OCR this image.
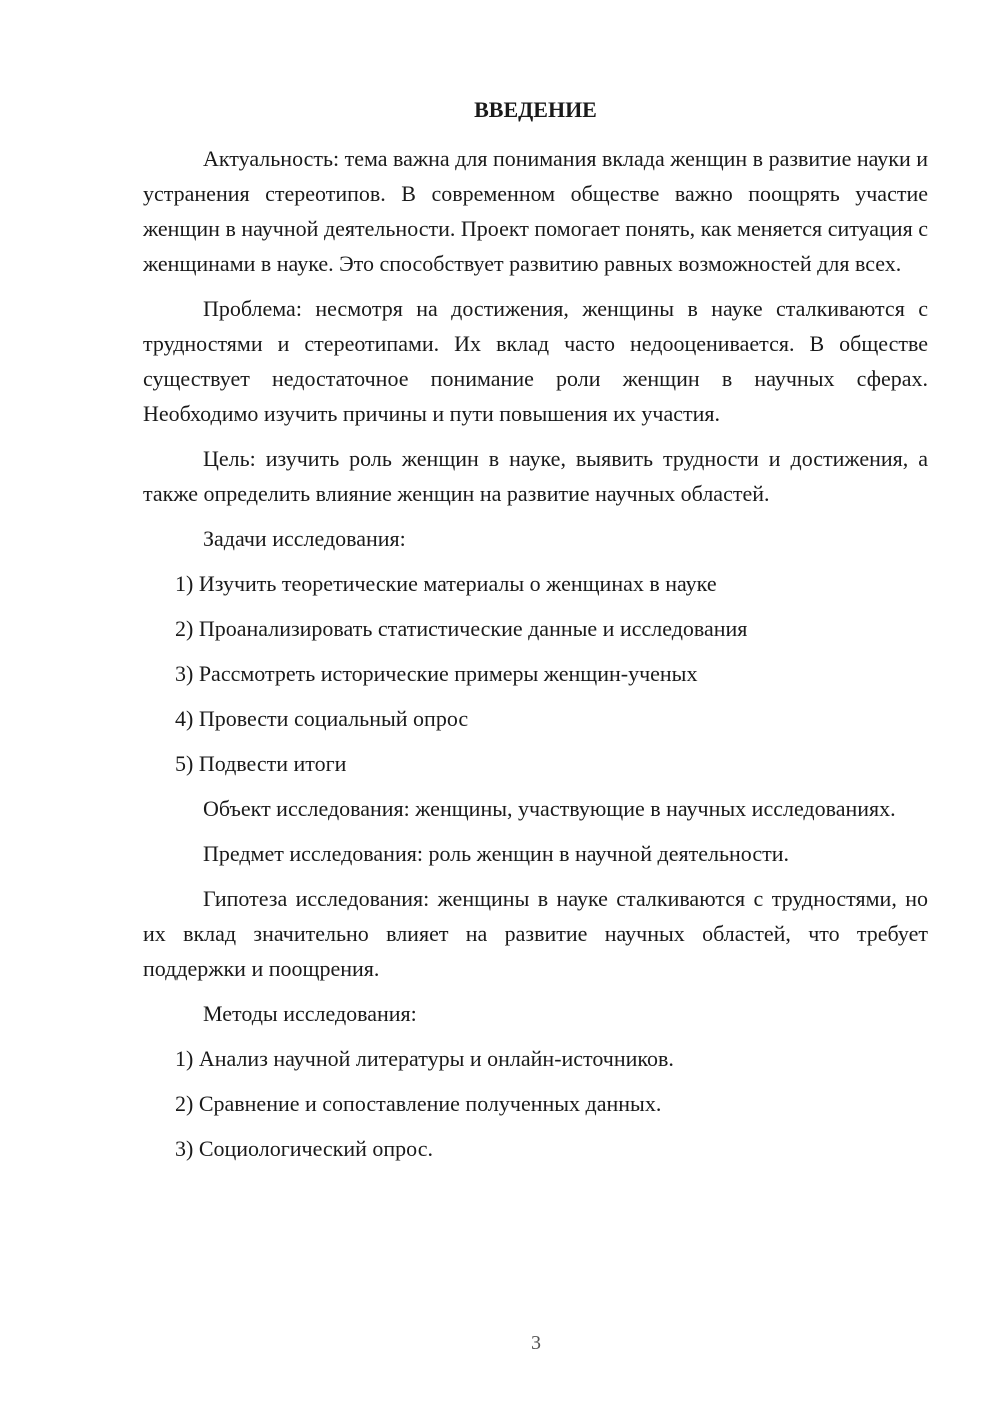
ВВЕДЕНИЕ

Актуальность: тема важна для понимания вклада женщин в развитие науки и устранения стереотипов. В современном обществе важно поощрять участие женщин в научной деятельности. Проект помогает понять, как меняется ситуация с женщинами в науке. Это способствует развитию равных возможностей для всех.

Проблема: несмотря на достижения, женщины в науке сталкиваются с трудностями и стереотипами. Их вклад часто недооценивается. В обществе существует недостаточное понимание роли женщин в научных сферах. Необходимо изучить причины и пути повышения их участия.

Цель: изучить роль женщин в науке, выявить трудности и достижения, а также определить влияние женщин на развитие научных областей.

Задачи исследования:

1) Изучить теоретические материалы о женщинах в науке

2) Проанализировать статистические данные и исследования

3) Рассмотреть исторические примеры женщин-ученых

4) Провести социальный опрос

5) Подвести итоги

Объект исследования: женщины, участвующие в научных исследованиях.

Предмет исследования: роль женщин в научной деятельности.

Гипотеза исследования: женщины в науке сталкиваются с трудностями, но их вклад значительно влияет на развитие научных областей, что требует поддержки и поощрения.

Методы исследования:

1) Анализ научной литературы и онлайн-источников.

2) Сравнение и сопоставление полученных данных.

3) Социологический опрос.

3
